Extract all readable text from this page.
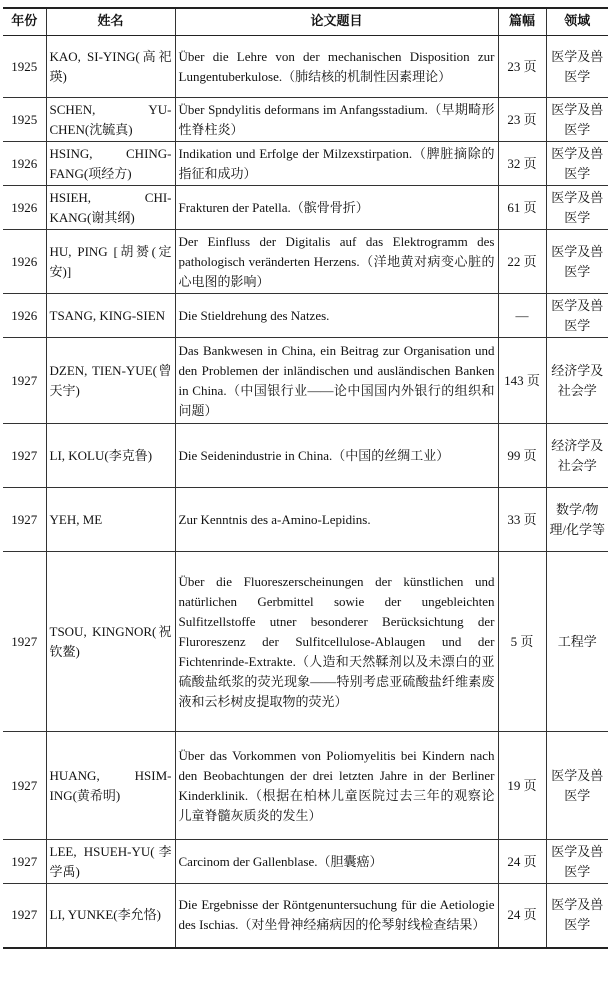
年份	姓名	论文题目	篇幅	领域
1925	KAO, SI-YING(高祀瑛)	Über die Lehre von der mechanischen Disposition zur Lungentuberkulose.（肺结核的机制性因素理论）	23 页	医学及兽医学
1925	SCHEN, YU-CHEN(沈毓真)	Über Spndylitis deformans im Anfangsstadium.（早期畸形性脊柱炎）	23 页	医学及兽医学
1926	HSING, CHING-FANG(项经方)	Indikation und Erfolge der Milzexstirpation.（脾脏摘除的指征和成功）	32 页	医学及兽医学
1926	HSIEH, CHI-KANG(谢其纲)	Frakturen der Patella.（髌骨骨折）	61 页	医学及兽医学
1926	HU, PING [胡赟(定安)]	Der Einfluss der Digitalis auf das Elektrogramm des pathologisch veränderten Herzens.（洋地黄对病变心脏的心电图的影响）	22 页	医学及兽医学
1926	TSANG, KING-SIEN	Die Stieldrehung des Natzes.	—	医学及兽医学
1927	DZEN, TIEN-YUE(曾天宇)	Das Bankwesen in China, ein Beitrag zur Organisation und den Problemen der inländischen und ausländischen Banken in China.（中国银行业——论中国国内外银行的组织和问题）	143 页	经济学及社会学
1927	LI, KOLU(李克鲁)	Die Seidenindustrie in China.（中国的丝绸工业）	99 页	经济学及社会学
1927	YEH, ME	Zur Kenntnis des a-Amino-Lepidins.	33 页	数学/物理/化学等
1927	TSOU, KINGNOR(祝钦鳌)	Über die Fluoreszerscheinungen der künstlichen und natürlichen Gerbmittel sowie der ungebleichten Sulfitzellstoffe utner besonderer Berücksichtung der Fluroreszenz der Sulfitcellulose-Ablaugen und der Fichtenrinde-Extrakte.（人造和天然鞣剂以及未漂白的亚硫酸盐纸浆的荧光现象——特别考虑亚硫酸盐纤维素废液和云杉树皮提取物的荧光）	5 页	工程学
1927	HUANG, HSIM-ING(黄希明)	Über das Vorkommen von Poliomyelitis bei Kindern nach den Beobachtungen der drei letzten Jahre in der Berliner Kinderklinik.（根据在柏林儿童医院过去三年的观察论儿童脊髓灰质炎的发生）	19 页	医学及兽医学
1927	LEE, HSUEH-YU(李学禹)	Carcinom der Gallenblase.（胆囊癌）	24 页	医学及兽医学
1927	LI, YUNKE(李允恪)	Die Ergebnisse der Röntgenuntersuchung für die Aetiologie des Ischias.（对坐骨神经痛病因的伦琴射线检查结果）	24 页	医学及兽医学
